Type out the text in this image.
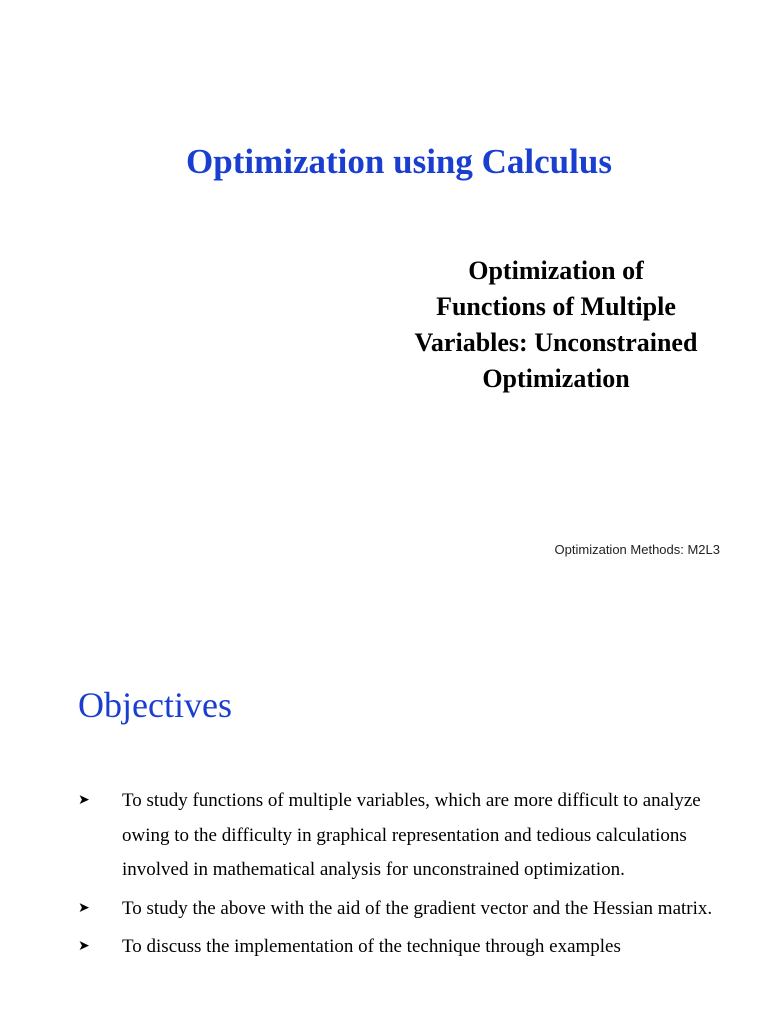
Optimization using Calculus
Optimization of
Functions of Multiple
Variables: Unconstrained
Optimization
Optimization Methods: M2L3
Objectives
➤ To study functions of multiple variables, which are more difficult to analyze owing to the difficulty in graphical representation and tedious calculations involved in mathematical analysis for unconstrained optimization.
➤ To study the above with the aid of the gradient vector and the Hessian matrix.
➤ To discuss the implementation of the technique through examples
